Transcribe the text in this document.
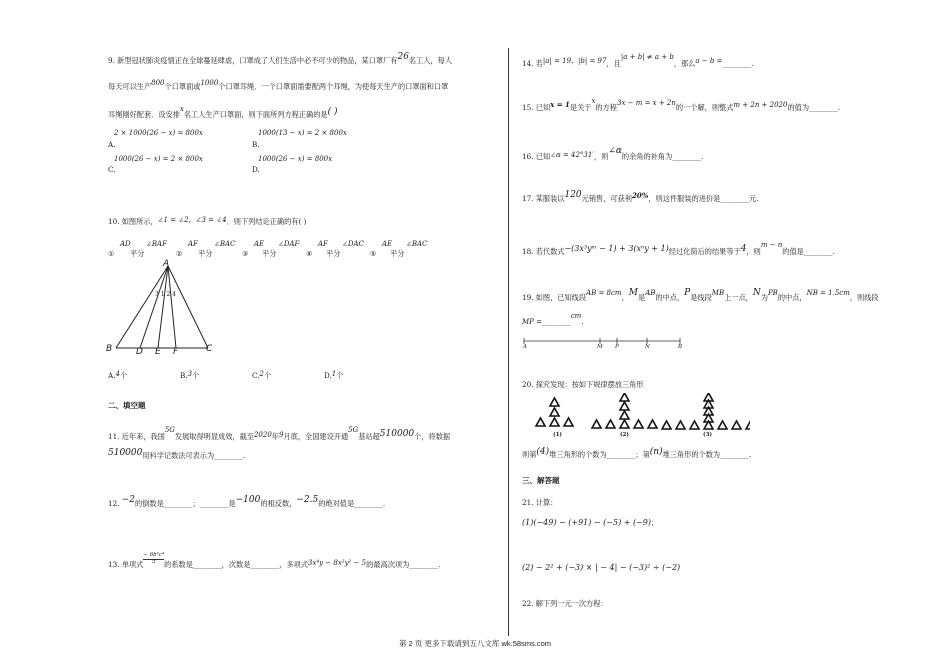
9. 新型冠状肺炎疫情正在全球蔓延肆虐，口罩成了人们生活中必不可少的物品，某口罩厂有26名工人，每人
每天可以生产800个口罩面或1000个口罩耳绳．一个口罩面需要配两个耳绳，为使每天生产的口罩面和口罩
耳绳刚好配套．设安排x名工人生产口罩面，则下面所列方程正确的是( )
2 × 1000(26 − x) = 800x
A.
1000(13 − x) = 2 × 800x
B.
1000(26 − x) = 2 × 800x
C.
1000(26 − x) = 800x
D.
10. 如图所示，∠1 = ∠2，∠3 = ∠4．则下列结论正确的有( )
①
AD
平分
∠BAF
②
AF
平分
∠BAC
③
AE
平分
∠DAF
④
AF
平分
∠DAC
⑤
AE
平分
∠BAC
A
3 1 2 4
B	D E F	C
A.4个	B.3个	C.2个	D.1个
二、填空题
11. 近年来，我国5G发展取得明显成效，截至2020年9月底，全国建设开通5G基站超510000个，将数据
510000用科学记数法可表示为________.
12. −2的倒数是________；________是−100的相反数，−2.5的绝对值是________.
13. 单项式 $\frac{\text{− 6b²c⁴}}{5}$ 的系数是________，次数是________，多项式3x⁴y − 8x²y² − 5的最高次项为________.
14. 若|a| = 19，|b| = 97，且|a + b| ≠ a + b，那么a − b =________.
15. 已知x = 1是关于x的方程3x − m = x + 2n的一个解，则整式m + 2n + 2020的值为________.
16. 已知∠α = 42°31′，则∠α的余角的补角为________.
17. 某服装以120元销售，可获利20%，则这件服装的进价是________元.
18. 若代数式−(3x³yᵐ − 1) + 3(xⁿy + 1)经过化简后的结果等于4，则m − n的值是________.
19. 如图，已知线段AB = 8cm，M是AB的中点，P是线段MB上一点，N为PB的中点，NB = 1.5cm，则线段
MP =________cm.
A	M P	N	B
20. 探究发现：按如下规律摆放三角形
(1)	(2)	(3)
则第(4)堆三角形的个数为________；第(n)堆三角形的个数为________.
三、解答题
21. 计算：
(1)(−49) − (+91) − (−5) + (−9)；
(2) − 2² + (−3) × | − 4| − (−3)² ÷ (−2)
22. 解下列一元一次方程：
第 2 页 更多下载请到五八文库 wk.58sms.com
